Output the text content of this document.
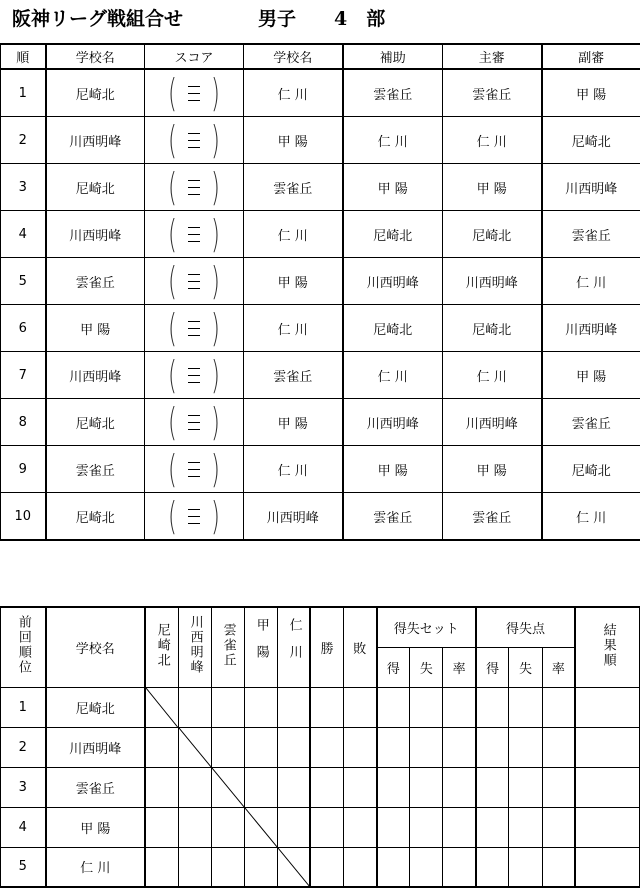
阪神リーグ戦組合せ	男子　　4　部
順	学校名	スコア	学校名	補助	主審	副審
1	尼崎北	( )	仁 川	雲雀丘	雲雀丘	甲 陽
2	川西明峰	( )	甲 陽	仁 川	仁 川	尼崎北
3	尼崎北	( )	雲雀丘	甲 陽	甲 陽	川西明峰
4	川西明峰	( )	仁 川	尼崎北	尼崎北	雲雀丘
5	雲雀丘	( )	甲 陽	川西明峰	川西明峰	仁 川
6	甲 陽	( )	仁 川	尼崎北	尼崎北	川西明峰
7	川西明峰	( )	雲雀丘	仁 川	仁 川	甲 陽
8	尼崎北	( )	甲 陽	川西明峰	川西明峰	雲雀丘
9	雲雀丘	( )	仁 川	甲 陽	甲 陽	尼崎北
10	尼崎北	( )	川西明峰	雲雀丘	雲雀丘	仁 川
前回順位	学校名	尼崎北	川西明峰	雲雀丘	甲陽	仁川	勝	敗	得失セット			得失点			結果順
									得	失	率	得	失	率	
1	尼崎北	

2	川西明峰		

3	雲雀丘			

4	甲 陽				

5	仁 川					
